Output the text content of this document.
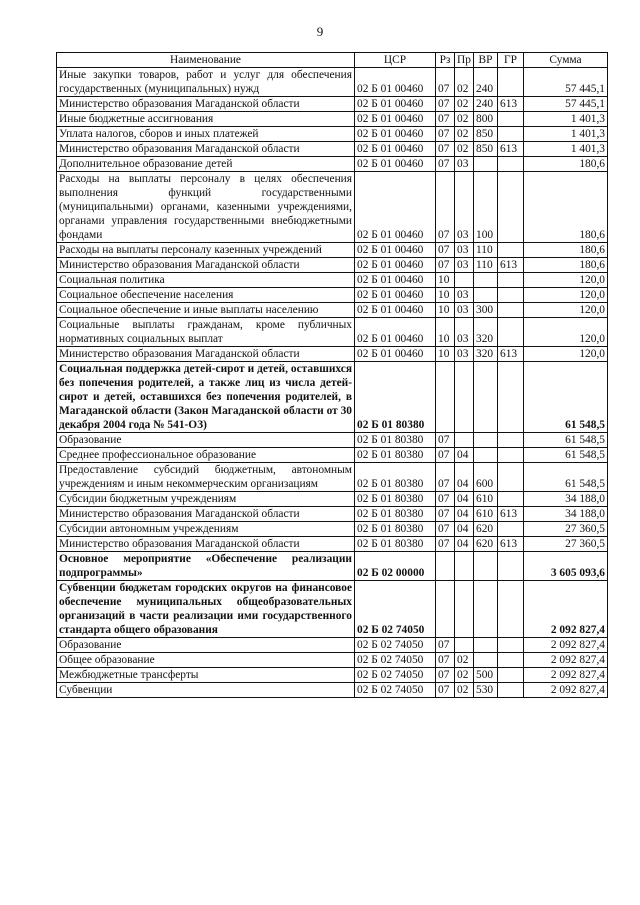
9
Наименование	ЦСР	Рз	Пр	ВР	ГР	Сумма
Иные закупки товаров, работ и услуг для обеспечения государственных (муниципальных) нужд	02 Б 01 00460	07	02	240		57 445,1
Министерство образования Магаданской области	02 Б 01 00460	07	02	240	613	57 445,1
Иные бюджетные ассигнования	02 Б 01 00460	07	02	800		1 401,3
Уплата налогов, сборов и иных платежей	02 Б 01 00460	07	02	850		1 401,3
Министерство образования Магаданской области	02 Б 01 00460	07	02	850	613	1 401,3
Дополнительное образование детей	02 Б 01 00460	07	03			180,6
Расходы на выплаты персоналу в целях обеспечения выполнения функций государственными (муниципальными) органами, казенными учреждениями, органами управления государственными внебюджетными фондами	02 Б 01 00460	07	03	100		180,6
Расходы на выплаты персоналу казенных учреждений	02 Б 01 00460	07	03	110		180,6
Министерство образования Магаданской области	02 Б 01 00460	07	03	110	613	180,6
Социальная политика	02 Б 01 00460	10				120,0
Социальное обеспечение населения	02 Б 01 00460	10	03			120,0
Социальное обеспечение и иные выплаты населению	02 Б 01 00460	10	03	300		120,0
Социальные выплаты гражданам, кроме публичных нормативных социальных выплат	02 Б 01 00460	10	03	320		120,0
Министерство образования Магаданской области	02 Б 01 00460	10	03	320	613	120,0
Социальная поддержка детей-сирот и детей, оставшихся без попечения родителей, а также лиц из числа детей-сирот и детей, оставшихся без попечения родителей, в Магаданской области (Закон Магаданской области от 30 декабря 2004 года № 541-ОЗ)	02 Б 01 80380					61 548,5
Образование	02 Б 01 80380	07				61 548,5
Среднее профессиональное образование	02 Б 01 80380	07	04			61 548,5
Предоставление субсидий бюджетным, автономным учреждениям и иным некоммерческим организациям	02 Б 01 80380	07	04	600		61 548,5
Субсидии бюджетным учреждениям	02 Б 01 80380	07	04	610		34 188,0
Министерство образования Магаданской области	02 Б 01 80380	07	04	610	613	34 188,0
Субсидии автономным учреждениям	02 Б 01 80380	07	04	620		27 360,5
Министерство образования Магаданской области	02 Б 01 80380	07	04	620	613	27 360,5
Основное мероприятие «Обеспечение реализации подпрограммы»	02 Б 02 00000					3 605 093,6
Субвенции бюджетам городских округов на финансовое обеспечение муниципальных общеобразовательных организаций в части реализации ими государственного стандарта общего образования	02 Б 02 74050					2 092 827,4
Образование	02 Б 02 74050	07				2 092 827,4
Общее образование	02 Б 02 74050	07	02			2 092 827,4
Межбюджетные трансферты	02 Б 02 74050	07	02	500		2 092 827,4
Субвенции	02 Б 02 74050	07	02	530		2 092 827,4
